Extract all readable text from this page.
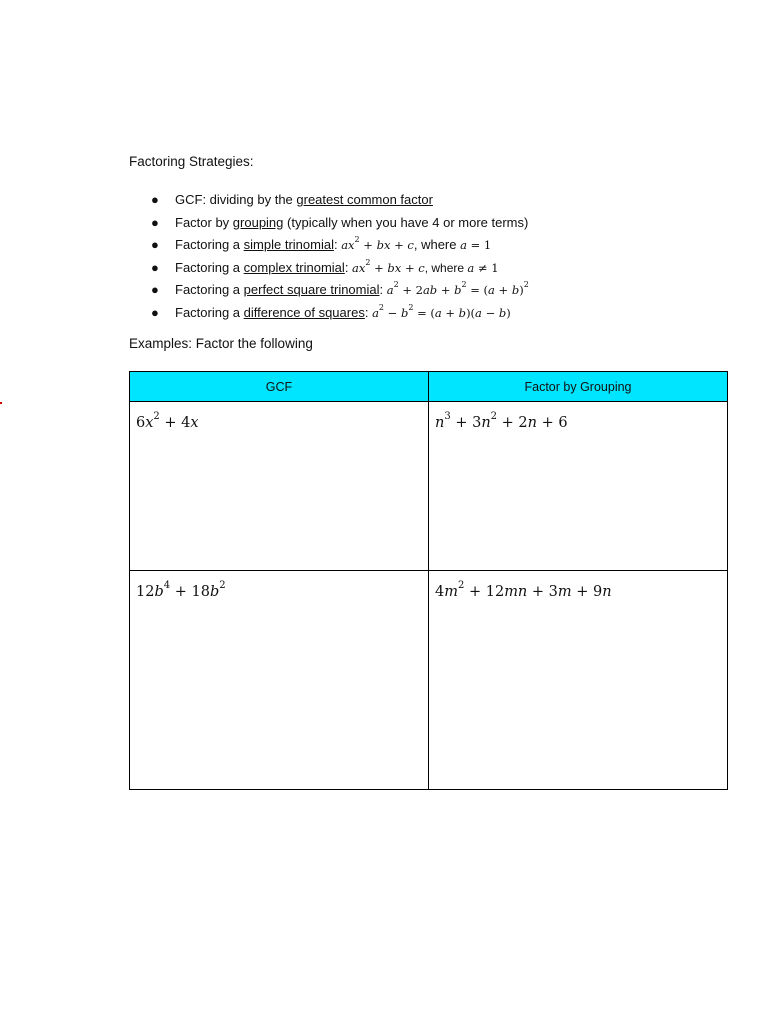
Factoring Strategies:

● GCF: dividing by the greatest common factor
● Factor by grouping (typically when you have 4 or more terms)
● Factoring a simple trinomial: $ax^2$ + bx + c, where a = 1
● Factoring a complex trinomial: $ax^2$ + bx + c, where a ≠ 1
● Factoring a perfect square trinomial: $a^2 + 2ab + b^2 = (a + b)^2$
● Factoring a difference of squares: $a^2 - b^2 = (a + b)(a - b)$

Examples: Factor the following

GCF	Factor by Grouping

$6x^2 + 4x$	$n^3 + 3n^2 + 2n + 6$

$12b^4 + 18b^2$	$4m^2 + 12mn + 3m + 9n$
